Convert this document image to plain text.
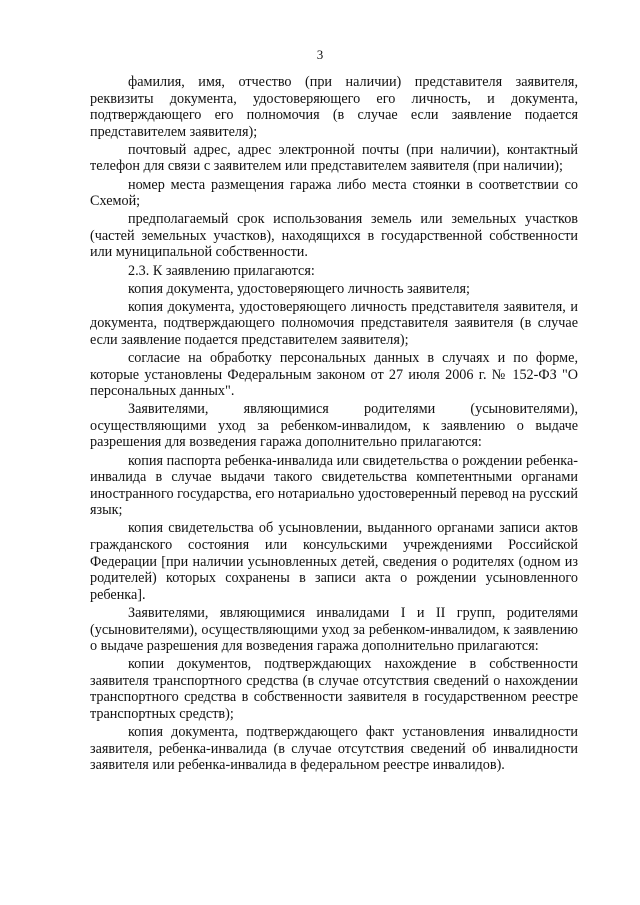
3

фамилия, имя, отчество (при наличии) представителя заявителя, реквизиты документа, удостоверяющего его личность, и документа, подтверждающего его полномочия (в случае если заявление подается представителем заявителя);

почтовый адрес, адрес электронной почты (при наличии), контактный телефон для связи с заявителем или представителем заявителя (при наличии);

номер места размещения гаража либо места стоянки в соответствии со Схемой;

предполагаемый срок использования земель или земельных участков (частей земельных участков), находящихся в государственной собственности или муниципальной собственности.

2.3. К заявлению прилагаются:

копия документа, удостоверяющего личность заявителя;

копия документа, удостоверяющего личность представителя заявителя, и документа, подтверждающего полномочия представителя заявителя (в случае если заявление подается представителем заявителя);

согласие на обработку персональных данных в случаях и по форме, которые установлены Федеральным законом от 27 июля 2006 г. № 152-ФЗ "О персональных данных".

Заявителями, являющимися родителями (усыновителями), осуществляющими уход за ребенком-инвалидом, к заявлению о выдаче разрешения для возведения гаража дополнительно прилагаются:

копия паспорта ребенка-инвалида или свидетельства о рождении ребенка-инвалида в случае выдачи такого свидетельства компетентными органами иностранного государства, его нотариально удостоверенный перевод на русский язык;

копия свидетельства об усыновлении, выданного органами записи актов гражданского состояния или консульскими учреждениями Российской Федерации [при наличии усыновленных детей, сведения о родителях (одном из родителей) которых сохранены в записи акта о рождении усыновленного ребенка].

Заявителями, являющимися инвалидами I и II групп, родителями (усыновителями), осуществляющими уход за ребенком-инвалидом, к заявлению о выдаче разрешения для возведения гаража дополнительно прилагаются:

копии документов, подтверждающих нахождение в собственности заявителя транспортного средства (в случае отсутствия сведений о нахождении транспортного средства в собственности заявителя в государственном реестре транспортных средств);

копия документа, подтверждающего факт установления инвалидности заявителя, ребенка-инвалида (в случае отсутствия сведений об инвалидности заявителя или ребенка-инвалида в федеральном реестре инвалидов).
